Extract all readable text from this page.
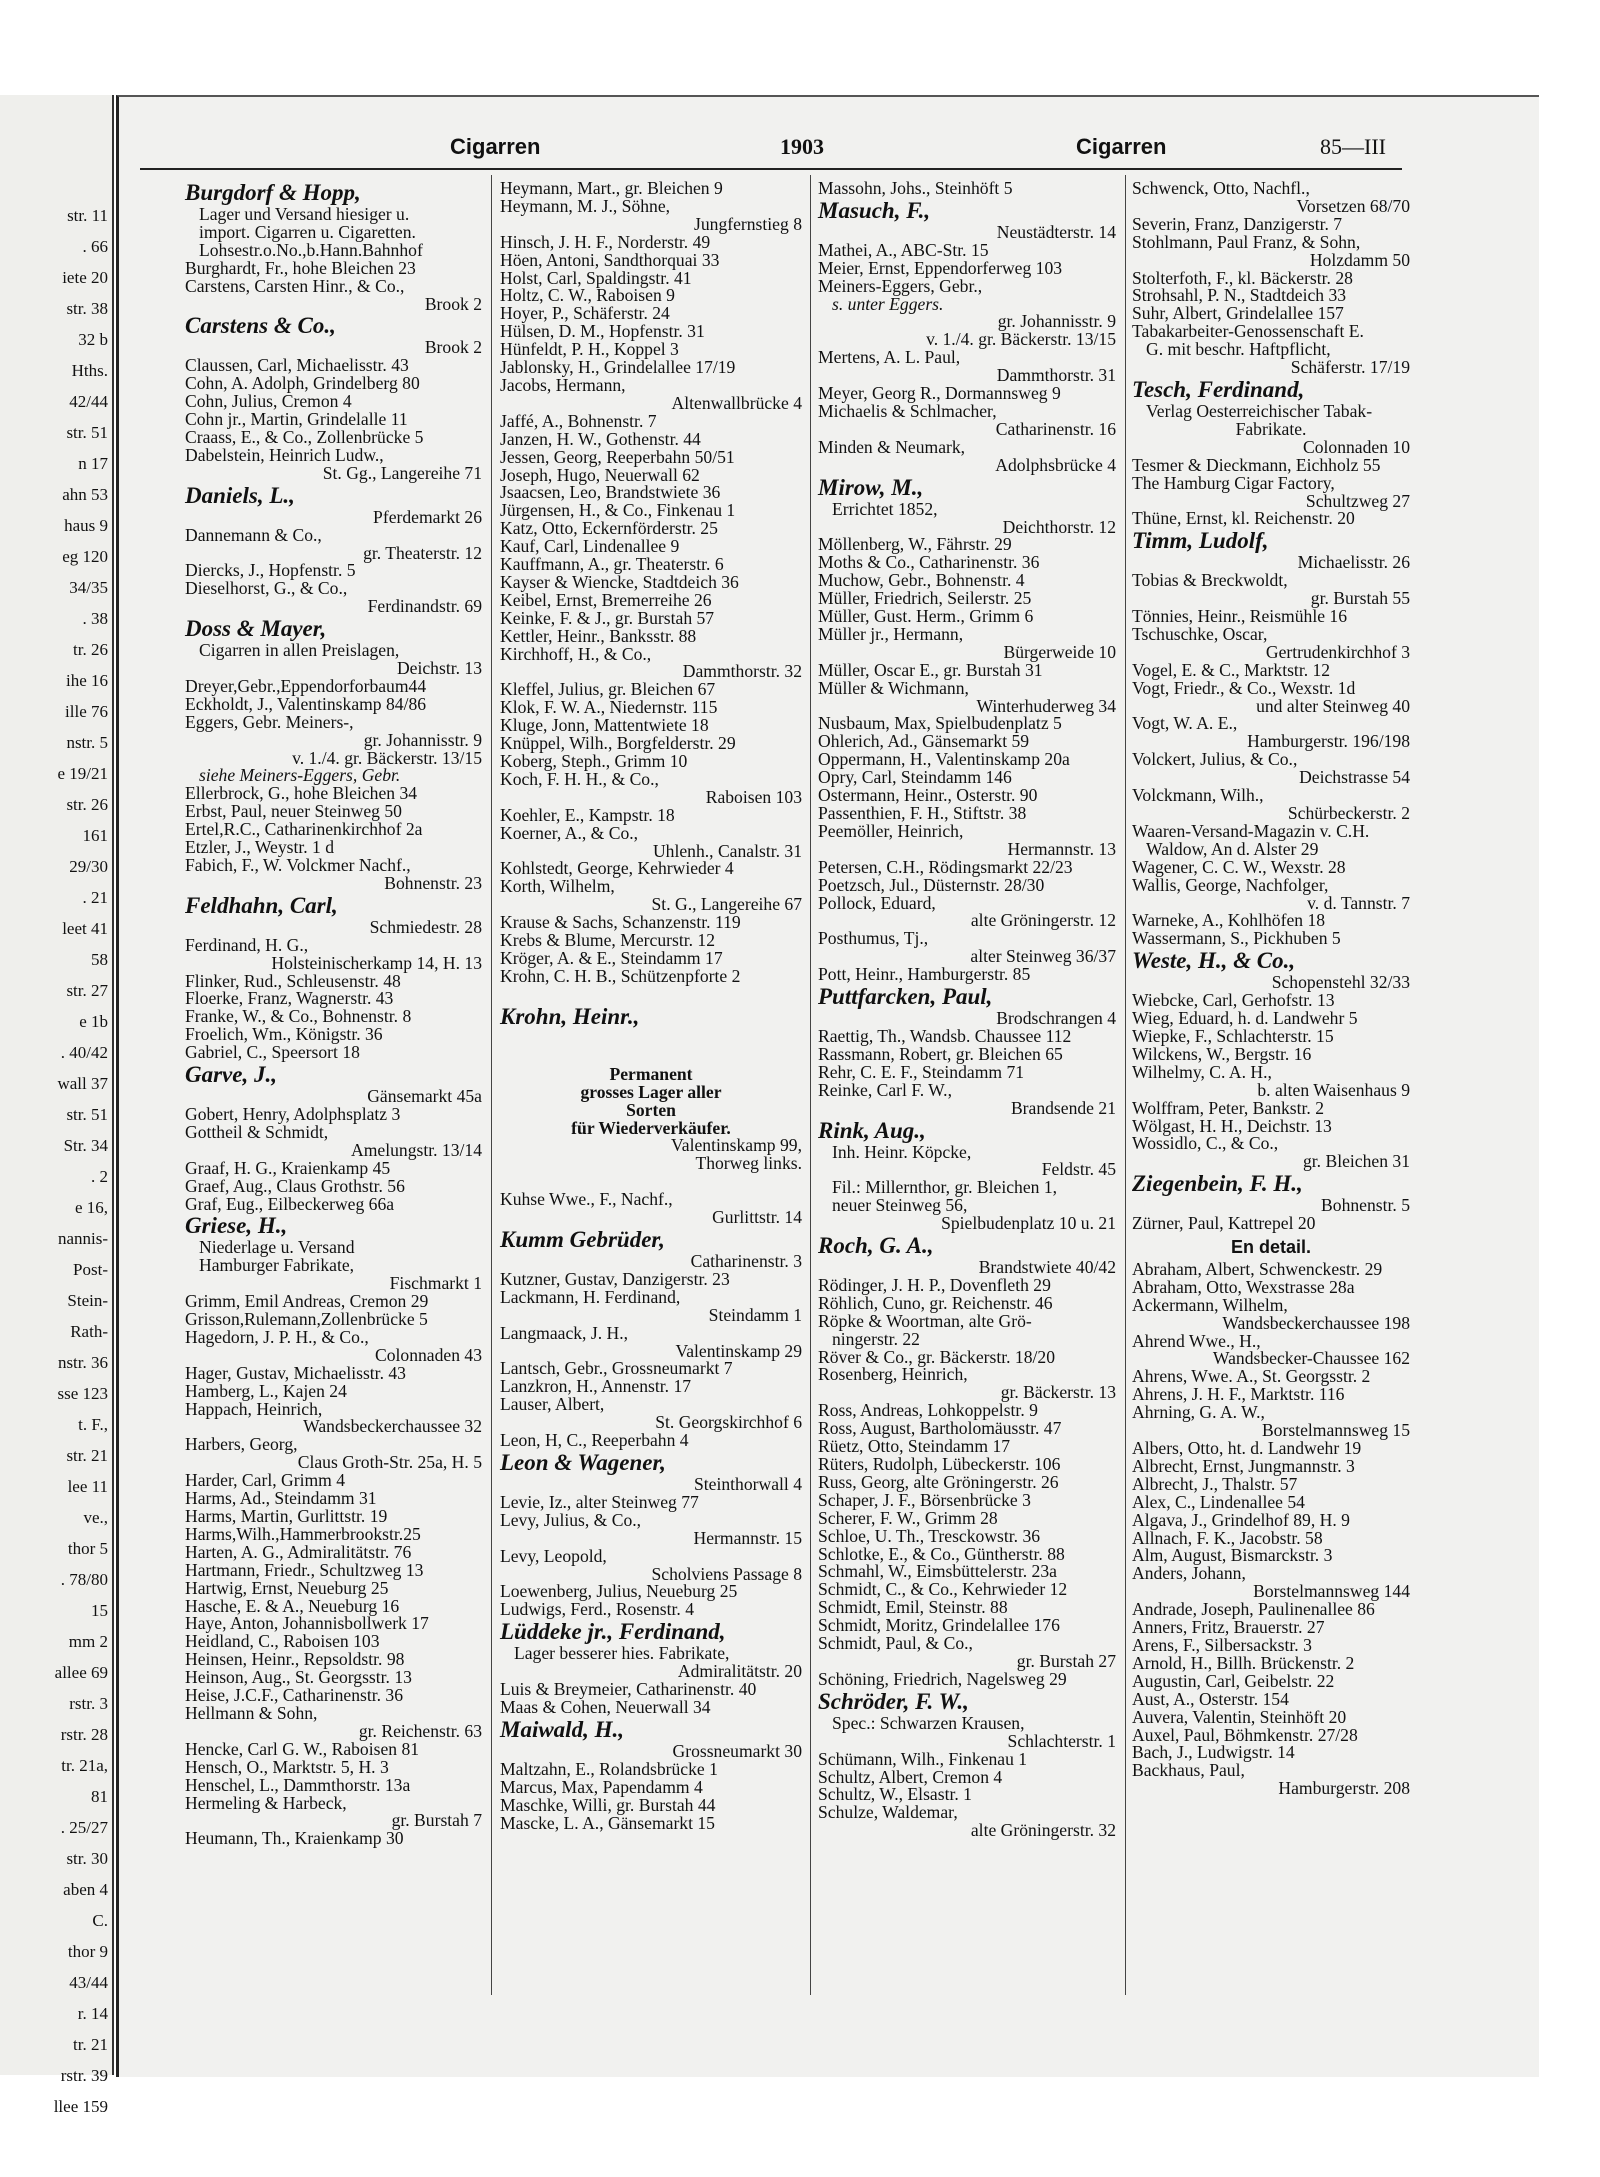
str. 11
. 66
iete 20
str. 38
32 b
Hths.
42/44
str. 51
n 17
ahn 53
haus 9
eg 120
34/35
. 38
tr. 26
ihe 16
ille 76
nstr. 5
e 19/21
str. 26
161
29/30
. 21
leet 41
58
str. 27
e 1b
. 40/42
wall 37
str. 51
Str. 34
. 2
e 16,
nannis-
Post-
Stein-
Rath-
nstr. 36
sse 123
t. F.,
str. 21
lee 11
ve.,
thor 5
. 78/80
15
mm 2
allee 69
rstr. 3
rstr. 28
tr. 21a,
81
. 25/27
str. 30
aben 4
C.
thor 9
43/44
r. 14
tr. 21
rstr. 39
llee 159
Cigarren	1903	Cigarren	85—III
Burgdorf & Hopp,
Lager und Versand hiesiger u.
import. Cigarren u. Cigaretten.
Lohsestr.o.No.,b.Hann.Bahnhof
Burghardt, Fr., hohe Bleichen 23
Carstens, Carsten Hinr., & Co.,
Brook 2
Carstens & Co.,
Brook 2
Claussen, Carl, Michaelisstr. 43
Cohn, A. Adolph, Grindelberg 80
Cohn, Julius, Cremon 4
Cohn jr., Martin, Grindelalle 11
Craass, E., & Co., Zollenbrücke 5
Dabelstein, Heinrich Ludw.,
St. Gg., Langereihe 71
Daniels, L.,
Pferdemarkt 26
Dannemann & Co.,
gr. Theaterstr. 12
Diercks, J., Hopfenstr. 5
Dieselhorst, G., & Co.,
Ferdinandstr. 69
Doss & Mayer,
Cigarren in allen Preislagen,
Deichstr. 13
Dreyer,Gebr.,Eppendorforbaum44
Eckholdt, J., Valentinskamp 84/86
Eggers, Gebr. Meiners-,
gr. Johannisstr. 9
v. 1./4. gr. Bäckerstr. 13/15
siehe Meiners-Eggers, Gebr.
Ellerbrock, G., hohe Bleichen 34
Erbst, Paul, neuer Steinweg 50
Ertel,R.C., Catharinenkirchhof 2a
Etzler, J., Weystr. 1 d
Fabich, F., W. Volckmer Nachf.,
Bohnenstr. 23
Feldhahn, Carl,
Schmiedestr. 28
Ferdinand, H. G.,
Holsteinischerkamp 14, H. 13
Flinker, Rud., Schleusenstr. 48
Floerke, Franz, Wagnerstr. 43
Franke, W., & Co., Bohnenstr. 8
Froelich, Wm., Königstr. 36
Gabriel, C., Speersort 18
Garve, J.,
Gänsemarkt 45a
Gobert, Henry, Adolphsplatz 3
Gottheil & Schmidt,
Amelungstr. 13/14
Graaf, H. G., Kraienkamp 45
Graef, Aug., Claus Grothstr. 56
Graf, Eug., Eilbeckerweg 66a
Griese, H.,
Niederlage u. Versand
Hamburger Fabrikate,
Fischmarkt 1
Grimm, Emil Andreas, Cremon 29
Grisson,Rulemann,Zollenbrücke 5
Hagedorn, J. P. H., & Co.,
Colonnaden 43
Hager, Gustav, Michaelisstr. 43
Hamberg, L., Kajen 24
Happach, Heinrich,
Wandsbeckerchaussee 32
Harbers, Georg,
Claus Groth-Str. 25a, H. 5
Harder, Carl, Grimm 4
Harms, Ad., Steindamm 31
Harms, Martin, Gurlittstr. 19
Harms,Wilh.,Hammerbrookstr.25
Harten, A. G., Admiralitätstr. 76
Hartmann, Friedr., Schultzweg 13
Hartwig, Ernst, Neueburg 25
Hasche, E. & A., Neueburg 16
Haye, Anton, Johannisbollwerk 17
Heidland, C., Raboisen 103
Heinsen, Heinr., Repsoldstr. 98
Heinson, Aug., St. Georgsstr. 13
Heise, J.C.F., Catharinenstr. 36
Hellmann & Sohn,
gr. Reichenstr. 63
Hencke, Carl G. W., Raboisen 81
Hensch, O., Marktstr. 5, H. 3
Henschel, L., Dammthorstr. 13a
Hermeling & Harbeck,
gr. Burstah 7
Heumann, Th., Kraienkamp 30
Heymann, Mart., gr. Bleichen 9
Heymann, M. J., Söhne,
Jungfernstieg 8
Hinsch, J. H. F., Norderstr. 49
Höen, Antoni, Sandthorquai 33
Holst, Carl, Spaldingstr. 41
Holtz, C. W., Raboisen 9
Hoyer, P., Schäferstr. 24
Hülsen, D. M., Hopfenstr. 31
Hünfeldt, P. H., Koppel 3
Jablonsky, H., Grindelallee 17/19
Jacobs, Hermann,
Altenwallbrücke 4
Jaffé, A., Bohnenstr. 7
Janzen, H. W., Gothenstr. 44
Jessen, Georg, Reeperbahn 50/51
Joseph, Hugo, Neuerwall 62
Jsaacsen, Leo, Brandstwiete 36
Jürgensen, H., & Co., Finkenau 1
Katz, Otto, Eckernförderstr. 25
Kauf, Carl, Lindenallee 9
Kauffmann, A., gr. Theaterstr. 6
Kayser & Wiencke, Stadtdeich 36
Keibel, Ernst, Bremerreihe 26
Keinke, F. & J., gr. Burstah 57
Kettler, Heinr., Banksstr. 88
Kirchhoff, H., & Co.,
Dammthorstr. 32
Kleffel, Julius, gr. Bleichen 67
Klok, F. W. A., Niedernstr. 115
Kluge, Jonn, Mattentwiete 18
Knüppel, Wilh., Borgfelderstr. 29
Koberg, Steph., Grimm 10
Koch, F. H. H., & Co.,
Raboisen 103
Koehler, E., Kampstr. 18
Koerner, A., & Co.,
Uhlenh., Canalstr. 31
Kohlstedt, George, Kehrwieder 4
Korth, Wilhelm,
St. G., Langereihe 67
Krause & Sachs, Schanzenstr. 119
Krebs & Blume, Mercurstr. 12
Kröger, A. & E., Steindamm 17
Krohn, C. H. B., Schützenpforte 2
Krohn, Heinr.,
Permanent
grosses Lager aller
Sorten
für Wiederverkäufer.
Valentinskamp 99,
Thorweg links.
Kuhse Wwe., F., Nachf.,
Gurlittstr. 14
Kumm Gebrüder,
Catharinenstr. 3
Kutzner, Gustav, Danzigerstr. 23
Lackmann, H. Ferdinand,
Steindamm 1
Langmaack, J. H.,
Valentinskamp 29
Lantsch, Gebr., Grossneumarkt 7
Lanzkron, H., Annenstr. 17
Lauser, Albert,
St. Georgskirchhof 6
Leon, H, C., Reeperbahn 4
Leon & Wagener,
Steinthorwall 4
Levie, Iz., alter Steinweg 77
Levy, Julius, & Co.,
Hermannstr. 15
Levy, Leopold,
Scholviens Passage 8
Loewenberg, Julius, Neueburg 25
Ludwigs, Ferd., Rosenstr. 4
Lüddeke jr., Ferdinand,
Lager besserer hies. Fabrikate,
Admiralitätstr. 20
Luis & Breymeier, Catharinenstr. 40
Maas & Cohen, Neuerwall 34
Maiwald, H.,
Grossneumarkt 30
Maltzahn, E., Rolandsbrücke 1
Marcus, Max, Papendamm 4
Maschke, Willi, gr. Burstah 44
Mascke, L. A., Gänsemarkt 15
Massohn, Johs., Steinhöft 5
Masuch, F.,
Neustädterstr. 14
Mathei, A., ABC-Str. 15
Meier, Ernst, Eppendorferweg 103
Meiners-Eggers, Gebr.,
s. unter Eggers.
gr. Johannisstr. 9
v. 1./4. gr. Bäckerstr. 13/15
Mertens, A. L. Paul,
Dammthorstr. 31
Meyer, Georg R., Dormannsweg 9
Michaelis & Schlmacher,
Catharinenstr. 16
Minden & Neumark,
Adolphsbrücke 4
Mirow, M.,
Errichtet 1852,
Deichthorstr. 12
Möllenberg, W., Fährstr. 29
Moths & Co., Catharinenstr. 36
Muchow, Gebr., Bohnenstr. 4
Müller, Friedrich, Seilerstr. 25
Müller, Gust. Herm., Grimm 6
Müller jr., Hermann,
Bürgerweide 10
Müller, Oscar E., gr. Burstah 31
Müller & Wichmann,
Winterhuderweg 34
Nusbaum, Max, Spielbudenplatz 5
Ohlerich, Ad., Gänsemarkt 59
Oppermann, H., Valentinskamp 20a
Opry, Carl, Steindamm 146
Ostermann, Heinr., Osterstr. 90
Passenthien, F. H., Stiftstr. 38
Peemöller, Heinrich,
Hermannstr. 13
Petersen, C.H., Rödingsmarkt 22/23
Poetzsch, Jul., Düsternstr. 28/30
Pollock, Eduard,
alte Gröningerstr. 12
Posthumus, Tj.,
alter Steinweg 36/37
Pott, Heinr., Hamburgerstr. 85
Puttfarcken, Paul,
Brodschrangen 4
Raettig, Th., Wandsb. Chaussee 112
Rassmann, Robert, gr. Bleichen 65
Rehr, C. E. F., Steindamm 71
Reinke, Carl F. W.,
Brandsende 21
Rink, Aug.,
Inh. Heinr. Köpcke,
Feldstr. 45
Fil.: Millernthor, gr. Bleichen 1,
neuer Steinweg 56,
Spielbudenplatz 10 u. 21
Roch, G. A.,
Brandstwiete 40/42
Rödinger, J. H. P., Dovenfleth 29
Röhlich, Cuno, gr. Reichenstr. 46
Röpke & Woortman, alte Grö-
ningerstr. 22
Röver & Co., gr. Bäckerstr. 18/20
Rosenberg, Heinrich,
gr. Bäckerstr. 13
Ross, Andreas, Lohkoppelstr. 9
Ross, August, Bartholomäusstr. 47
Rüetz, Otto, Steindamm 17
Rüters, Rudolph, Lübeckerstr. 106
Russ, Georg, alte Gröningerstr. 26
Schaper, J. F., Börsenbrücke 3
Scherer, F. W., Grimm 28
Schloe, U. Th., Tresckowstr. 36
Schlotke, E., & Co., Güntherstr. 88
Schmahl, W., Eimsbüttelerstr. 23a
Schmidt, C., & Co., Kehrwieder 12
Schmidt, Emil, Steinstr. 88
Schmidt, Moritz, Grindelallee 176
Schmidt, Paul, & Co.,
gr. Burstah 27
Schöning, Friedrich, Nagelsweg 29
Schröder, F. W.,
Spec.: Schwarzen Krausen,
Schlachterstr. 1
Schümann, Wilh., Finkenau 1
Schultz, Albert, Cremon 4
Schultz, W., Elsastr. 1
Schulze, Waldemar,
alte Gröningerstr. 32
Schwenck, Otto, Nachfl.,
Vorsetzen 68/70
Severin, Franz, Danzigerstr. 7
Stohlmann, Paul Franz, & Sohn,
Holzdamm 50
Stolterfoth, F., kl. Bäckerstr. 28
Strohsahl, P. N., Stadtdeich 33
Suhr, Albert, Grindelallee 157
Tabakarbeiter-Genossenschaft E.
G. mit beschr. Haftpflicht,
Schäferstr. 17/19
Tesch, Ferdinand,
Verlag Oesterreichischer Tabak-
Fabrikate.
Colonnaden 10
Tesmer & Dieckmann, Eichholz 55
The Hamburg Cigar Factory,
Schultzweg 27
Thüne, Ernst, kl. Reichenstr. 20
Timm, Ludolf,
Michaelisstr. 26
Tobias & Breckwoldt,
gr. Burstah 55
Tönnies, Heinr., Reismühle 16
Tschuschke, Oscar,
Gertrudenkirchhof 3
Vogel, E. & C., Marktstr. 12
Vogt, Friedr., & Co., Wexstr. 1d
und alter Steinweg 40
Vogt, W. A. E.,
Hamburgerstr. 196/198
Volckert, Julius, & Co.,
Deichstrasse 54
Volckmann, Wilh.,
Schürbeckerstr. 2
Waaren-Versand-Magazin v. C.H.
Waldow, An d. Alster 29
Wagener, C. C. W., Wexstr. 28
Wallis, George, Nachfolger,
v. d. Tannstr. 7
Warneke, A., Kohlhöfen 18
Wassermann, S., Pickhuben 5
Weste, H., & Co.,
Schopenstehl 32/33
Wiebcke, Carl, Gerhofstr. 13
Wieg, Eduard, h. d. Landwehr 5
Wiepke, F., Schlachterstr. 15
Wilckens, W., Bergstr. 16
Wilhelmy, C. A. H.,
b. alten Waisenhaus 9
Wolffram, Peter, Bankstr. 2
Wölgast, H. H., Deichstr. 13
Wossidlo, C., & Co.,
gr. Bleichen 31
Ziegenbein, F. H.,
Bohnenstr. 5
Zürner, Paul, Kattrepel 20
En detail.
Abraham, Albert, Schwenckestr. 29
Abraham, Otto, Wexstrasse 28a
Ackermann, Wilhelm,
Wandsbeckerchaussee 198
Ahrend Wwe., H.,
Wandsbecker-Chaussee 162
Ahrens, Wwe. A., St. Georgsstr. 2
Ahrens, J. H. F., Marktstr. 116
Ahrning, G. A. W.,
Borstelmannsweg 15
Albers, Otto, ht. d. Landwehr 19
Albrecht, Ernst, Jungmannstr. 3
Albrecht, J., Thalstr. 57
Alex, C., Lindenallee 54
Algava, J., Grindelhof 89, H. 9
Allnach, F. K., Jacobstr. 58
Alm, August, Bismarckstr. 3
Anders, Johann,
Borstelmannsweg 144
Andrade, Joseph, Paulinenallee 86
Anners, Fritz, Brauerstr. 27
Arens, F., Silbersackstr. 3
Arnold, H., Billh. Brückenstr. 2
Augustin, Carl, Geibelstr. 22
Aust, A., Osterstr. 154
Auvera, Valentin, Steinhöft 20
Auxel, Paul, Böhmkenstr. 27/28
Bach, J., Ludwigstr. 14
Backhaus, Paul,
Hamburgerstr. 208
